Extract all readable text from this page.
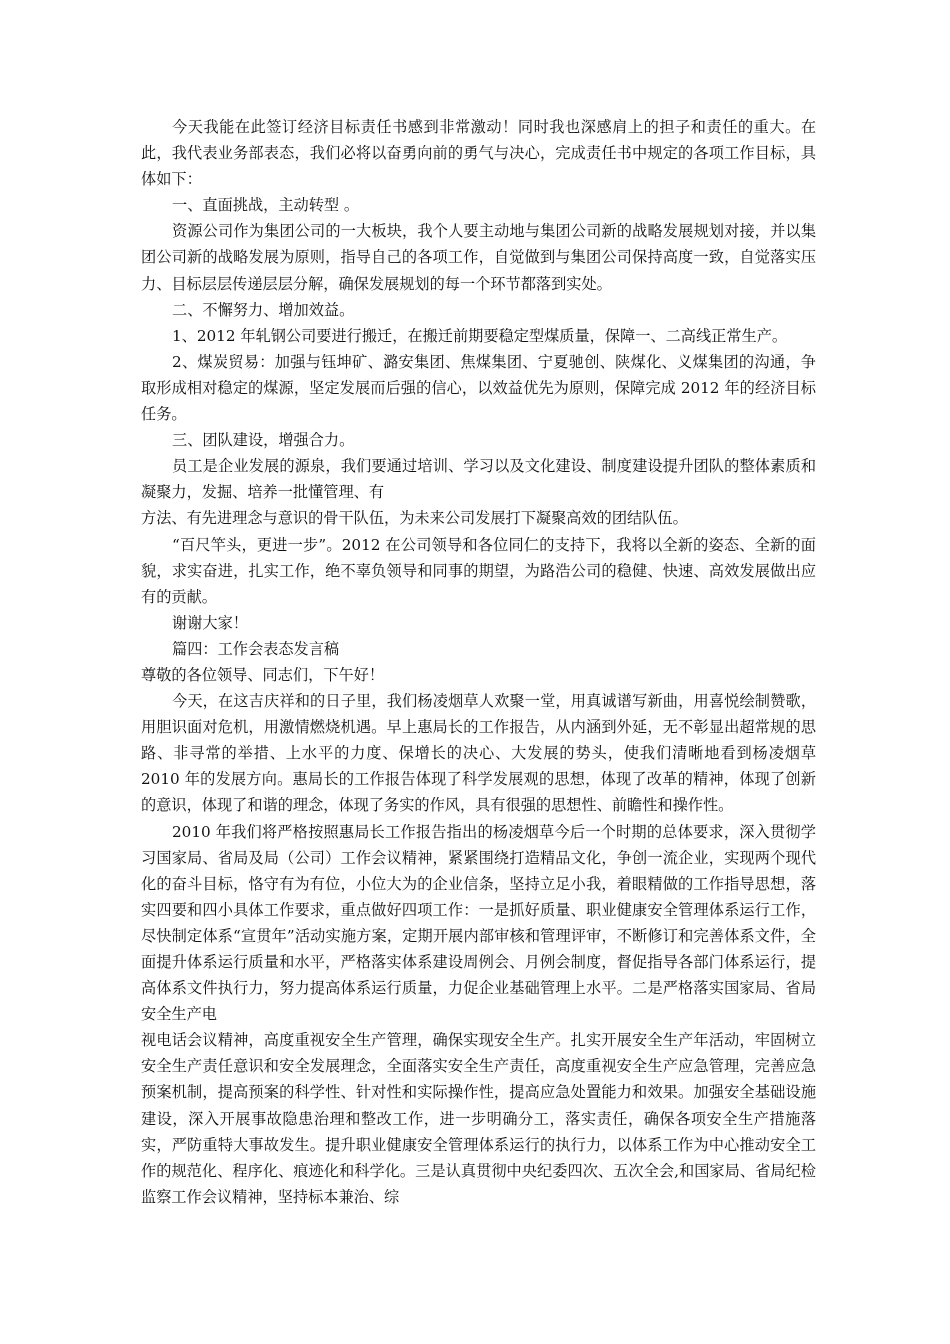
今天我能在此签订经济目标责任书感到非常激动！同时我也深感肩上的担子和责任的重大。在此，我代表业务部表态，我们必将以奋勇向前的勇气与决心，完成责任书中规定的各项工作目标，具体如下：

一、直面挑战，主动转型 。

资源公司作为集团公司的一大板块，我个人要主动地与集团公司新的战略发展规划对接，并以集团公司新的战略发展为原则，指导自己的各项工作，自觉做到与集团公司保持高度一致，自觉落实压力、目标层层传递层层分解，确保发展规划的每一个环节都落到实处。

二、不懈努力、增加效益。

1、2012 年轧钢公司要进行搬迁，在搬迁前期要稳定型煤质量，保障一、二高线正常生产。

2、煤炭贸易：加强与钰坤矿、潞安集团、焦煤集团、宁夏驰创、陕煤化、义煤集团的沟通，争取形成相对稳定的煤源，坚定发展而后强的信心，以效益优先为原则，保障完成 2012 年的经济目标任务。

三、团队建设，增强合力。

员工是企业发展的源泉，我们要通过培训、学习以及文化建设、制度建设提升团队的整体素质和凝聚力，发掘、培养一批懂管理、有

方法、有先进理念与意识的骨干队伍，为未来公司发展打下凝聚高效的团结队伍。

“百尺竿头，更进一步”。2012 在公司领导和各位同仁的支持下，我将以全新的姿态、全新的面貌，求实奋进，扎实工作，绝不辜负领导和同事的期望，为路浩公司的稳健、快速、高效发展做出应有的贡献。

谢谢大家！

篇四：工作会表态发言稿

尊敬的各位领导、同志们，下午好！

今天，在这吉庆祥和的日子里，我们杨凌烟草人欢聚一堂，用真诚谱写新曲，用喜悦绘制赞歌，用胆识面对危机，用激情燃烧机遇。早上惠局长的工作报告，从内涵到外延，无不彰显出超常规的思路、非寻常的举措、上水平的力度、保增长的决心、大发展的势头，使我们清晰地看到杨凌烟草 2010 年的发展方向。惠局长的工作报告体现了科学发展观的思想，体现了改革的精神，体现了创新的意识，体现了和谐的理念，体现了务实的作风，具有很强的思想性、前瞻性和操作性。

2010 年我们将严格按照惠局长工作报告指出的杨凌烟草今后一个时期的总体要求，深入贯彻学习国家局、省局及局（公司）工作会议精神，紧紧围绕打造精品文化，争创一流企业，实现两个现代化的奋斗目标，恪守有为有位，小位大为的企业信条，坚持立足小我，着眼精做的工作指导思想，落实四要和四小具体工作要求，重点做好四项工作：一是抓好质量、职业健康安全管理体系运行工作，尽快制定体系“宣贯年”活动实施方案，定期开展内部审核和管理评审，不断修订和完善体系文件，全面提升体系运行质量和水平，严格落实体系建设周例会、月例会制度，督促指导各部门体系运行，提高体系文件执行力，努力提高体系运行质量，力促企业基础管理上水平。二是严格落实国家局、省局安全生产电

视电话会议精神，高度重视安全生产管理，确保实现安全生产。扎实开展安全生产年活动，牢固树立安全生产责任意识和安全发展理念，全面落实安全生产责任，高度重视安全生产应急管理，完善应急预案机制，提高预案的科学性、针对性和实际操作性，提高应急处置能力和效果。加强安全基础设施建设，深入开展事故隐患治理和整改工作，进一步明确分工，落实责任，确保各项安全生产措施落实，严防重特大事故发生。提升职业健康安全管理体系运行的执行力，以体系工作为中心推动安全工作的规范化、程序化、痕迹化和科学化。三是认真贯彻中央纪委四次、五次全会,和国家局、省局纪检监察工作会议精神，坚持标本兼治、综
